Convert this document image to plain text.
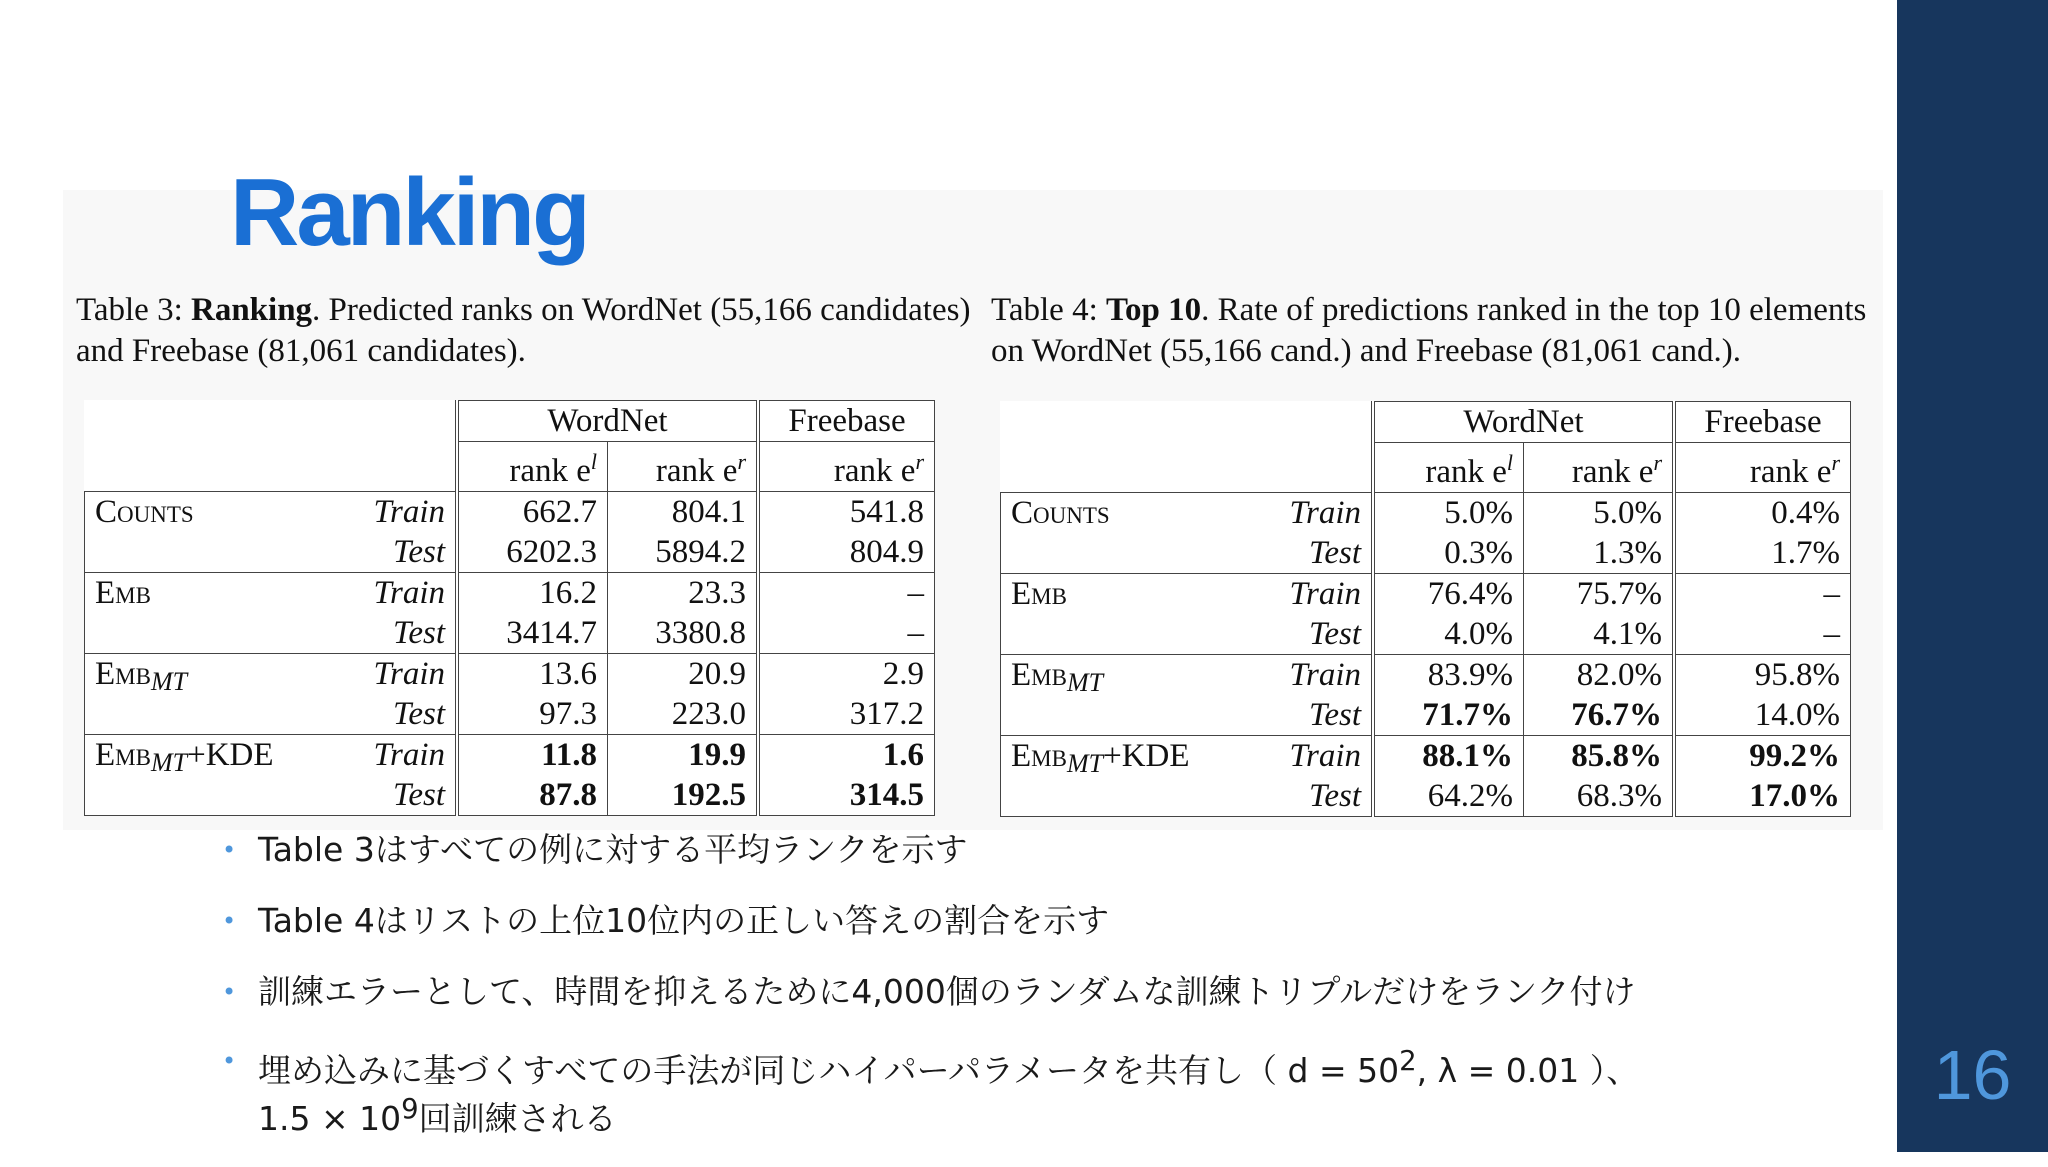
16
Ranking

Table 3: Ranking. Predicted ranks on WordNet (55,166 candidates) and Freebase (81,061 candidates).

Table 4: Top 10. Rate of predictions ranked in the top 10 elements on WordNet (55,166 cand.) and Freebase (81,061 cand.).

		WordNet		Freebase
		rank $e^l$	rank $e^r$	rank $e^r$
Counts	Train	662.7	804.1	541.8
	Test	6202.3	5894.2	804.9
Emb	Train	16.2	23.3	–
	Test	3414.7	3380.8	–
Emb$_{MT}$	Train	13.6	20.9	2.9
	Test	97.3	223.0	317.2
Emb$_{MT}$+KDE	Train	11.8	19.9	1.6
	Test	87.8	192.5	314.5
		WordNet		Freebase
		rank $e^l$	rank $e^r$	rank $e^r$
Counts	Train	5.0%	5.0%	0.4%
	Test	0.3%	1.3%	1.7%
Emb	Train	76.4%	75.7%	–
	Test	4.0%	4.1%	–
Emb$_{MT}$	Train	83.9%	82.0%	95.8%
	Test	71.7%	76.7%	14.0%
Emb$_{MT}$+KDE	Train	88.1%	85.8%	99.2%
	Test	64.2%	68.3%	17.0%
• Table 3はすべての例に対する平均ランクを示す
• Table 4はリストの上位10位内の正しい答えの割合を示す
• 訓練エラーとして、時間を抑えるために4,000個のランダムな訓練トリプルだけをランク付け
• 埋め込みに基づくすべての手法が同じハイパーパラメータを共有し（ $d = 50^2$, λ = 0.01 ）、
$1.5 \times 10^9$回訓練される
